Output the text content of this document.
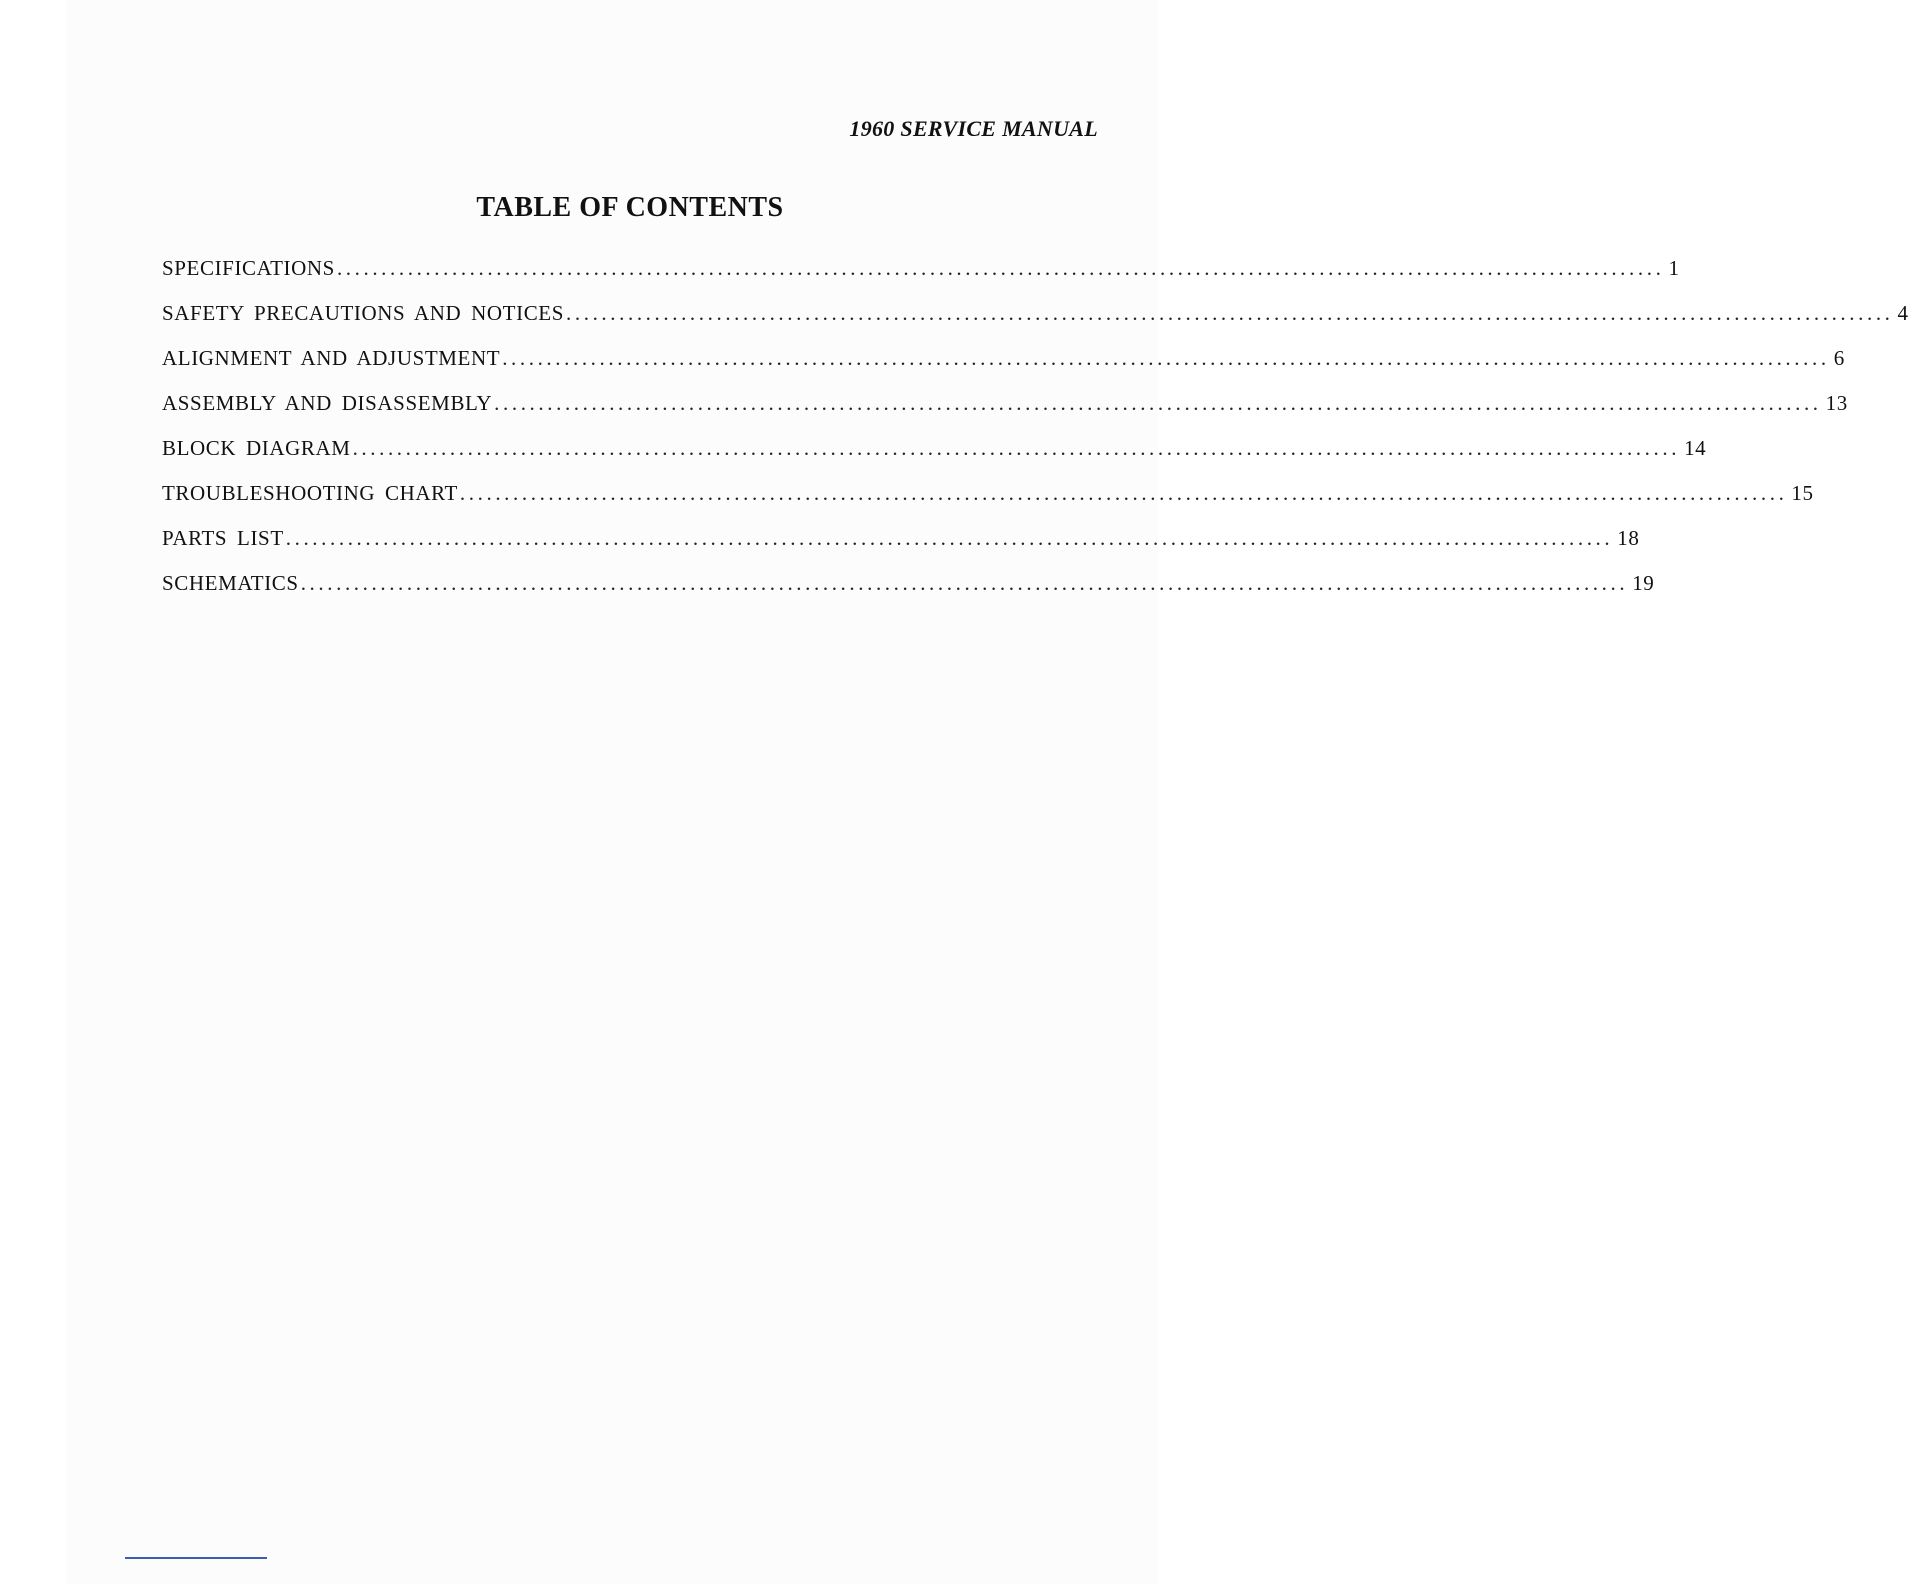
1960 SERVICE MANUAL
TABLE OF CONTENTS
SPECIFICATIONS ...................................................................................................................................................... 1
SAFETY PRECAUTIONS AND NOTICES ...................................................................................................................................................... 4
ALIGNMENT AND ADJUSTMENT ...................................................................................................................................................... 6
ASSEMBLY AND DISASSEMBLY ...................................................................................................................................................... 13
BLOCK DIAGRAM ...................................................................................................................................................... 14
TROUBLESHOOTING CHART ...................................................................................................................................................... 15
PARTS LIST ...................................................................................................................................................... 18
SCHEMATICS ...................................................................................................................................................... 19
